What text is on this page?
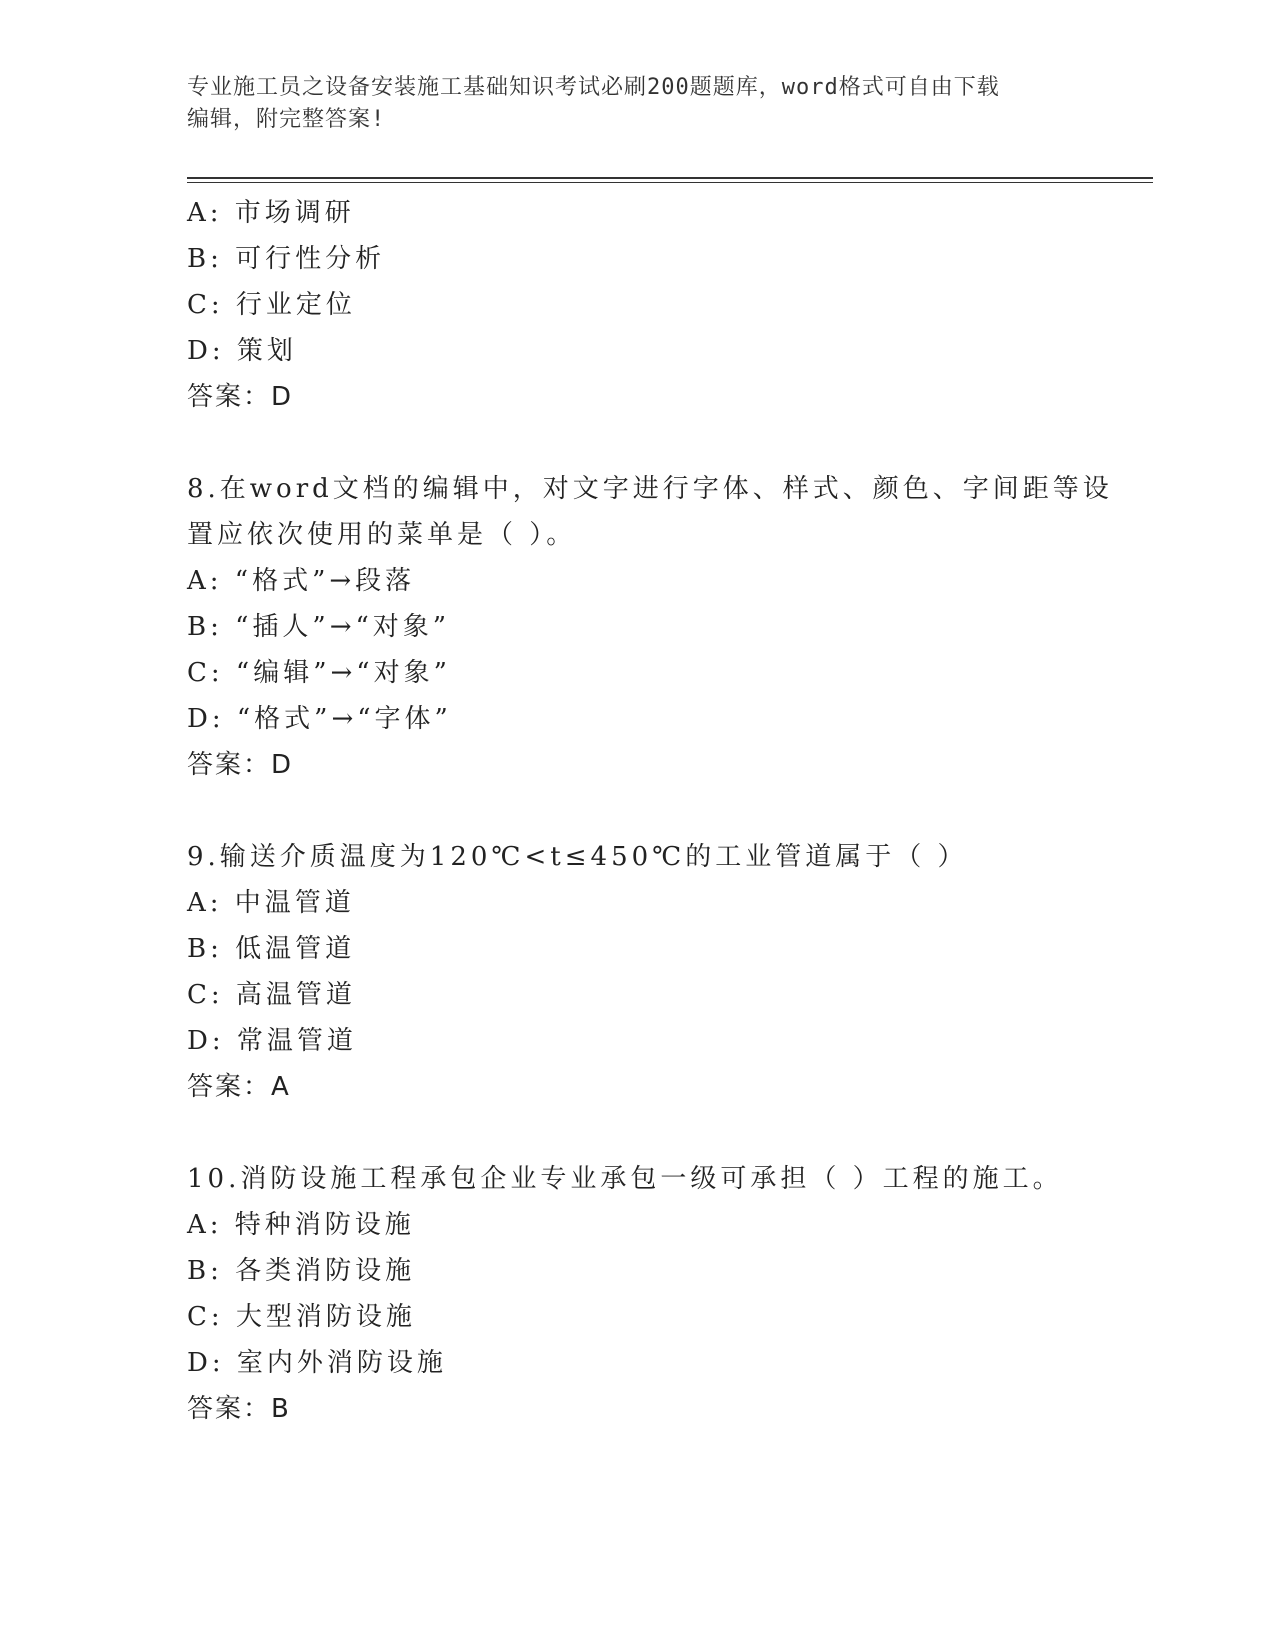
专业施工员之设备安装施工基础知识考试必刷200题题库，word格式可自由下载
编辑，附完整答案!
A: 市场调研
B: 可行性分析
C: 行业定位
D: 策划
答案：D
8.在word文档的编辑中，对文字进行字体、样式、颜色、字间距等设
置应依次使用的菜单是（ ）。
A: “格式”→段落
B: “插人”→“对象”
C: “编辑”→“对象”
D: “格式”→“字体”
答案：D
9.输送介质温度为120℃<t≤450℃的工业管道属于（ ）
A: 中温管道
B: 低温管道
C: 高温管道
D: 常温管道
答案：A
10.消防设施工程承包企业专业承包一级可承担（ ）工程的施工。
A: 特种消防设施
B: 各类消防设施
C: 大型消防设施
D: 室内外消防设施
答案：B
